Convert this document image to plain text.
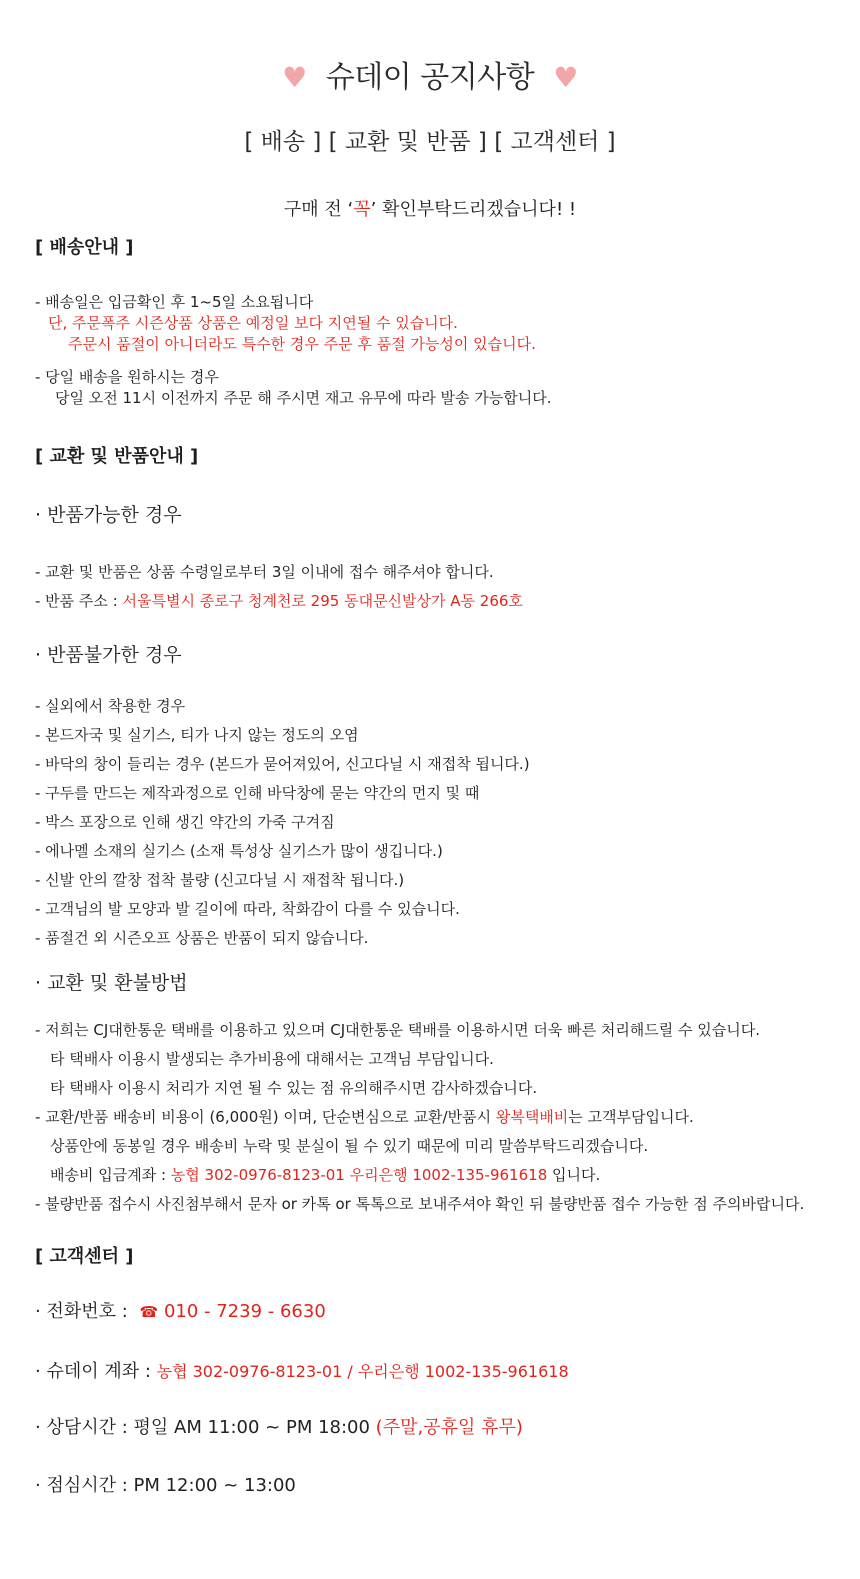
♥ 슈데이 공지사항 ♥
[ 배송 ] [ 교환 및 반품 ] [ 고객센터 ]
구매 전 ‘꼭’ 확인부탁드리겠습니다! !
[ 배송안내 ]
- 배송일은 입금확인 후 1~5일 소요됩니다
단, 주문폭주 시즌상품 상품은 예정일 보다 지연될 수 있습니다.
주문시 품절이 아니더라도 특수한 경우 주문 후 품절 가능성이 있습니다.
- 당일 배송을 원하시는 경우
당일 오전 11시 이전까지 주문 해 주시면 재고 유무에 따라 발송 가능합니다.
[ 교환 및 반품안내 ]
· 반품가능한 경우
- 교환 및 반품은 상품 수령일로부터 3일 이내에 접수 해주셔야 합니다.
- 반품 주소 : 서울특별시 종로구 청계천로 295 동대문신발상가 A동 266호
· 반품불가한 경우
- 실외에서 착용한 경우
- 본드자국 및 실기스, 티가 나지 않는 정도의 오염
- 바닥의 창이 들리는 경우 (본드가 묻어져있어, 신고다닐 시 재접착 됩니다.)
- 구두를 만드는 제작과정으로 인해 바닥창에 묻는 약간의 먼지 및 때
- 박스 포장으로 인해 생긴 약간의 가죽 구겨짐
- 에나멜 소재의 실기스 (소재 특성상 실기스가 많이 생깁니다.)
- 신발 안의 깔창 접착 불량 (신고다닐 시 재접착 됩니다.)
- 고객님의 발 모양과 발 길이에 따라, 착화감이 다를 수 있습니다.
- 품절건 외 시즌오프 상품은 반품이 되지 않습니다.
· 교환 및 환불방법
- 저희는 CJ대한통운 택배를 이용하고 있으며 CJ대한통운 택배를 이용하시면 더욱 빠른 처리해드릴 수 있습니다.
타 택배사 이용시 발생되는 추가비용에 대해서는 고객님 부담입니다.
타 택배사 이용시 처리가 지연 될 수 있는 점 유의해주시면 감사하겠습니다.
- 교환/반품 배송비 비용이 (6,000원) 이며, 단순변심으로 교환/반품시 왕복택배비는 고객부담입니다.
상품안에 동봉일 경우 배송비 누락 및 분실이 될 수 있기 때문에 미리 말씀부탁드리겠습니다.
배송비 입금계좌 : 농협 302-0976-8123-01 우리은행 1002-135-961618 입니다.
- 불량반품 접수시 사진첨부해서 문자 or 카톡 or 톡톡으로 보내주셔야 확인 뒤 불량반품 접수 가능한 점 주의바랍니다.
[ 고객센터 ]
· 전화번호 : ☎ 010 - 7239 - 6630
· 슈데이 계좌 : 농협 302-0976-8123-01 / 우리은행 1002-135-961618
· 상담시간 : 평일 AM 11:00 ~ PM 18:00 (주말,공휴일 휴무)
· 점심시간 : PM 12:00 ~ 13:00
